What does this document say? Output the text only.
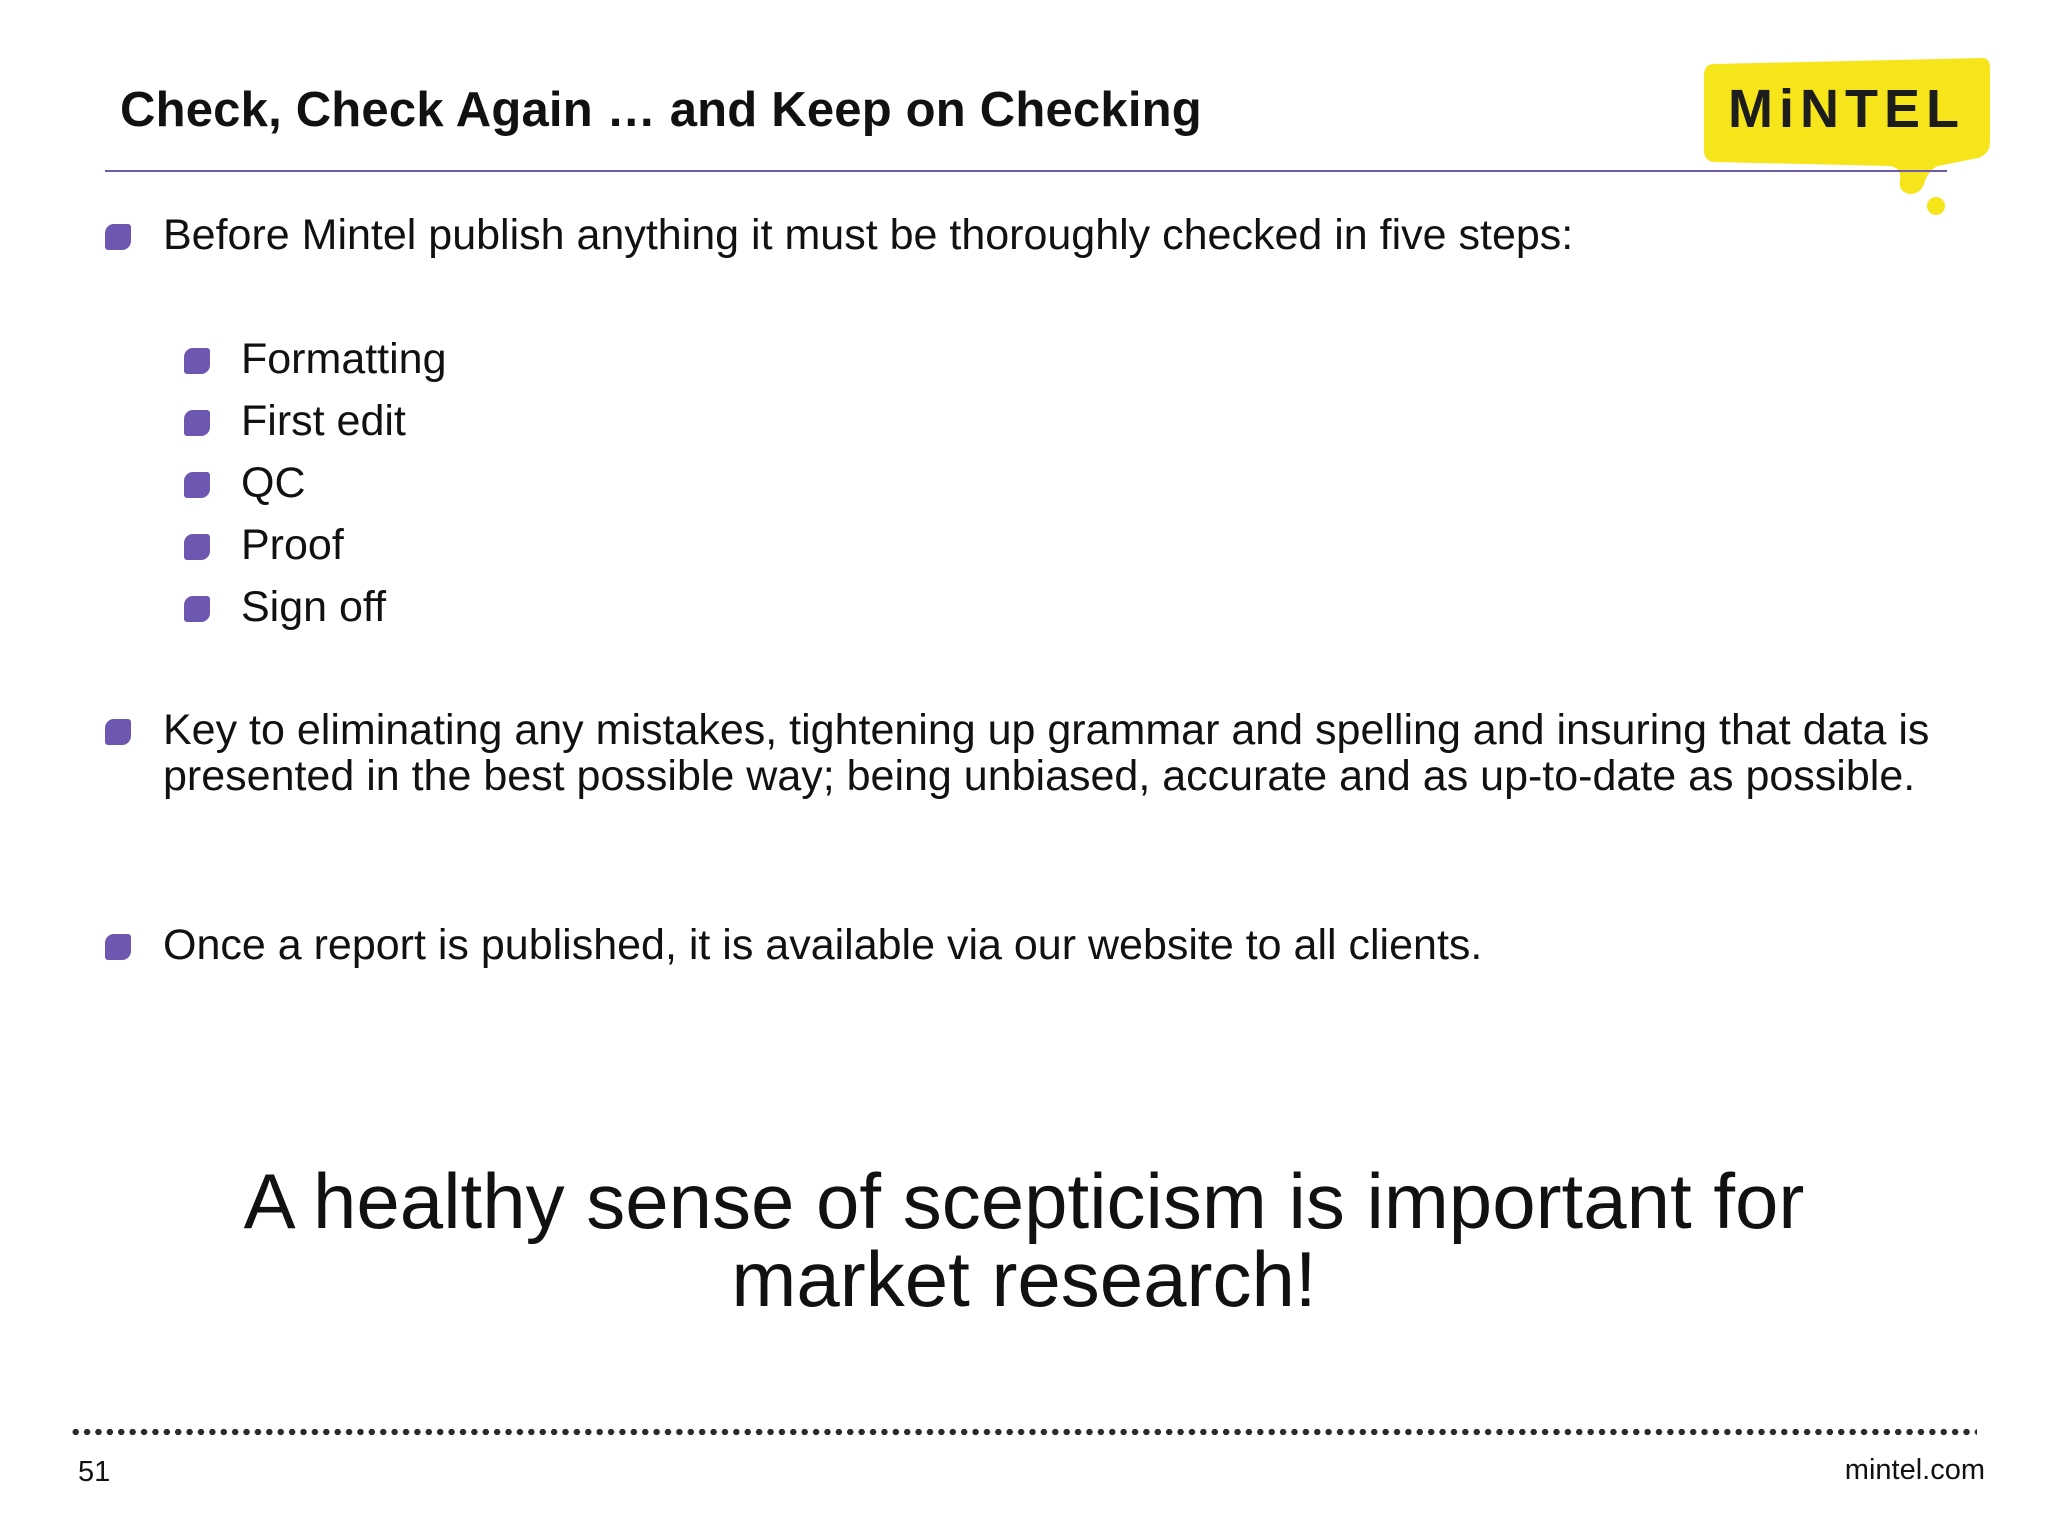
Check, Check Again … and Keep on Checking	MiNTEL
Before Mintel publish anything it must be thoroughly checked in five steps:
Formatting
First edit
QC
Proof
Sign off
Key to eliminating any mistakes, tightening up grammar and spelling and insuring that data is presented in the best possible way; being unbiased, accurate and as up-to-date as possible.
Once a report is published, it is available via our website to all clients.
A healthy sense of scepticism is important for market research!
51	mintel.com
